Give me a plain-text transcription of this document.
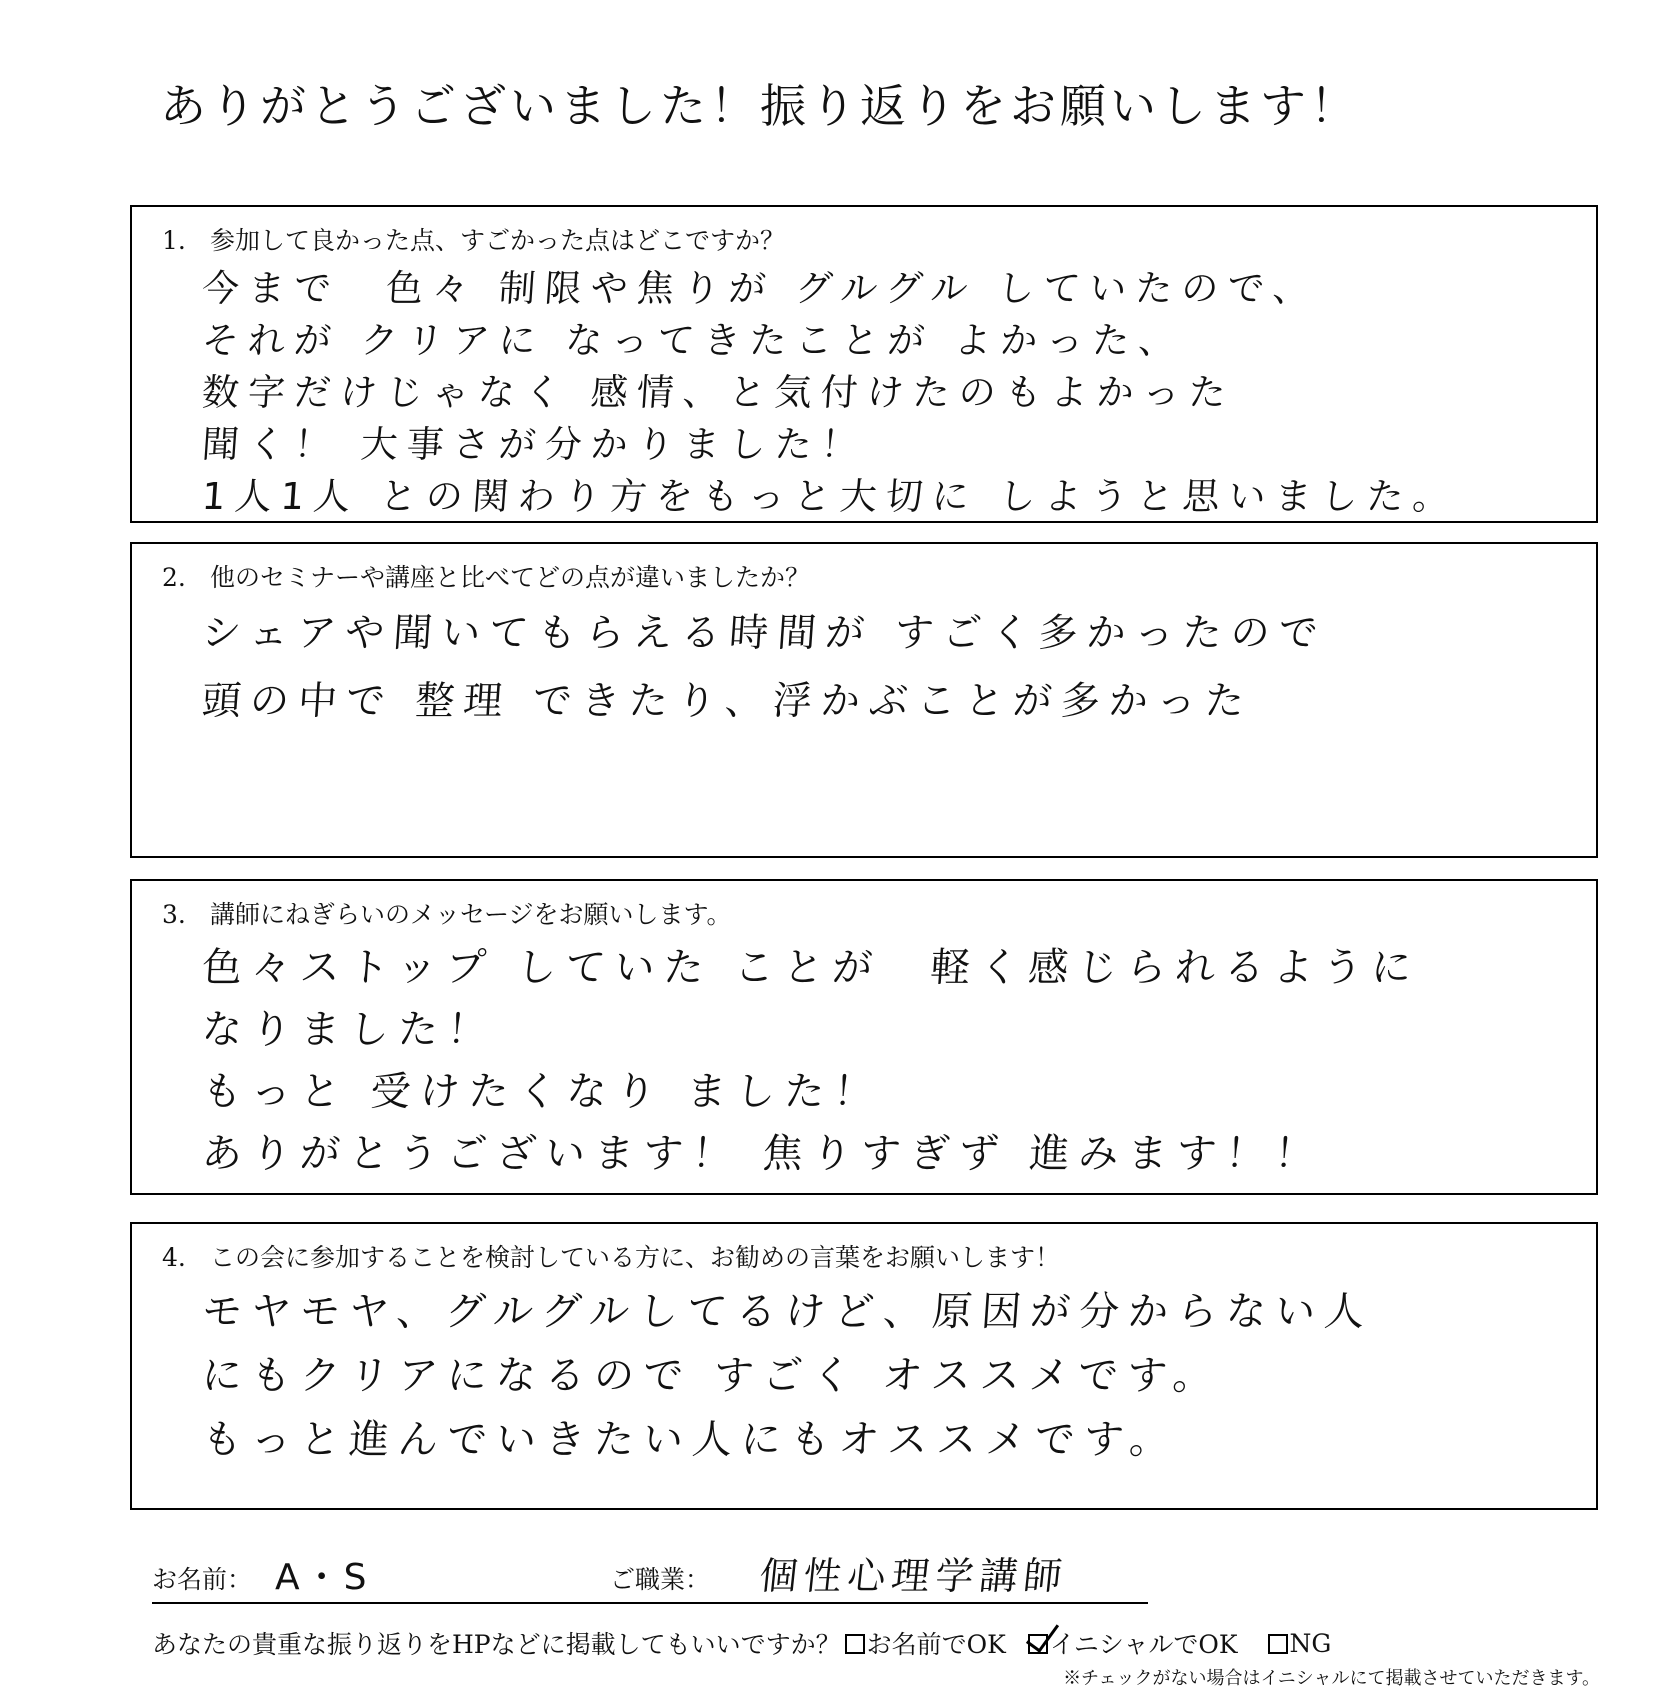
ありがとうございました！振り返りをお願いします！
1. 参加して良かった点、すごかった点はどこですか？
今まで　色々 制限や焦りが グルグル していたので、
それが クリアに なってきたことが よかった、
数字だけじゃなく 感情、と気付けたのもよかった
聞く！ 大事さが分かりました！
1人1人 との関わり方をもっと大切に しようと思いました。
2. 他のセミナーや講座と比べてどの点が違いましたか？
シェアや聞いてもらえる時間が すごく多かったので
頭の中で 整理 できたり、浮かぶことが多かった
3. 講師にねぎらいのメッセージをお願いします。
色々ストップ していた ことが　軽く感じられるように
なりました！
もっと 受けたくなり ました！
ありがとうございます！ 焦りすぎず 進みます！！
4. この会に参加することを検討している方に、お勧めの言葉をお願いします！
モヤモヤ、グルグルしてるけど、原因が分からない人
にもクリアになるので すごく オススメです。
もっと進んでいきたい人にもオススメです。
お名前： A・S	ご職業： 個性心理学講師
あなたの貴重な振り返りをHPなどに掲載してもいいですか？ お名前でOK イニシャルでOK NG
※チェックがない場合はイニシャルにて掲載させていただきます。
